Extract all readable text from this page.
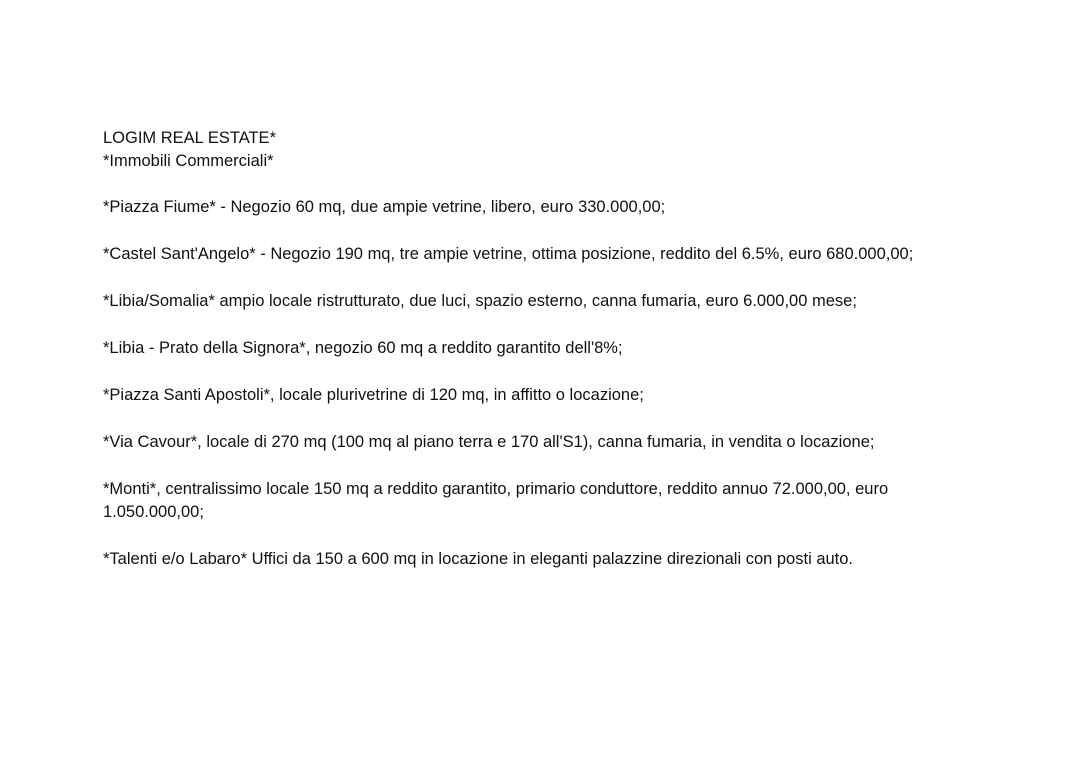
LOGIM REAL ESTATE*

*Immobili Commerciali*

*Piazza Fiume* - Negozio 60 mq, due ampie vetrine, libero, euro 330.000,00;

*Castel Sant'Angelo* - Negozio 190 mq, tre ampie vetrine, ottima posizione, reddito del 6.5%, euro 680.000,00;

*Libia/Somalia* ampio locale ristrutturato, due luci, spazio esterno, canna fumaria, euro 6.000,00 mese;

*Libia - Prato della Signora*, negozio 60 mq a reddito garantito dell'8%;

*Piazza Santi Apostoli*, locale plurivetrine di 120 mq, in affitto o locazione;

*Via Cavour*, locale di 270 mq (100 mq al piano terra e 170 all'S1), canna fumaria, in vendita o locazione;

*Monti*, centralissimo locale 150 mq a reddito garantito, primario conduttore, reddito annuo 72.000,00, euro 1.050.000,00;

*Talenti e/o Labaro* Uffici da 150 a 600 mq in locazione in eleganti palazzine direzionali con posti auto.
